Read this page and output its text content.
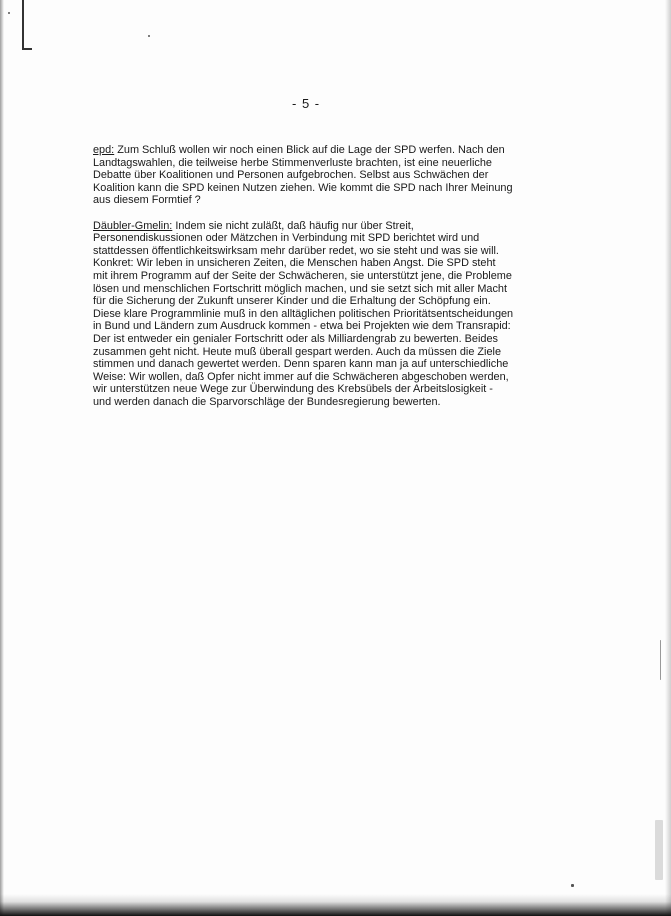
- 5 -
epd: Zum Schluß wollen wir noch einen Blick auf die Lage der SPD werfen. Nach den
Landtagswahlen, die teilweise herbe Stimmenverluste brachten, ist eine neuerliche
Debatte über Koalitionen und Personen aufgebrochen. Selbst aus Schwächen der
Koalition kann die SPD keinen Nutzen ziehen. Wie kommt die SPD nach Ihrer Meinung
aus diesem Formtief ?
Däubler-Gmelin: Indem sie nicht zuläßt, daß häufig nur über Streit,
Personendiskussionen oder Mätzchen in Verbindung mit SPD berichtet wird und
stattdessen öffentlichkeitswirksam mehr darüber redet, wo sie steht und was sie will.
Konkret: Wir leben in unsicheren Zeiten, die Menschen haben Angst. Die SPD steht
mit ihrem Programm auf der Seite der Schwächeren, sie unterstützt jene, die Probleme
lösen und menschlichen Fortschritt möglich machen, und sie setzt sich mit aller Macht
für die Sicherung der Zukunft unserer Kinder und die Erhaltung der Schöpfung ein.
Diese klare Programmlinie muß in den alltäglichen politischen Prioritätsentscheidungen
in Bund und Ländern zum Ausdruck kommen - etwa bei Projekten wie dem Transrapid:
Der ist entweder ein genialer Fortschritt oder als Milliardengrab zu bewerten. Beides
zusammen geht nicht. Heute muß überall gespart werden. Auch da müssen die Ziele
stimmen und danach gewertet werden. Denn sparen kann man ja auf unterschiedliche
Weise: Wir wollen, daß Opfer nicht immer auf die Schwächeren abgeschoben werden,
wir unterstützen neue Wege zur Überwindung des Krebsübels der Arbeitslosigkeit -
und werden danach die Sparvorschläge der Bundesregierung bewerten.
